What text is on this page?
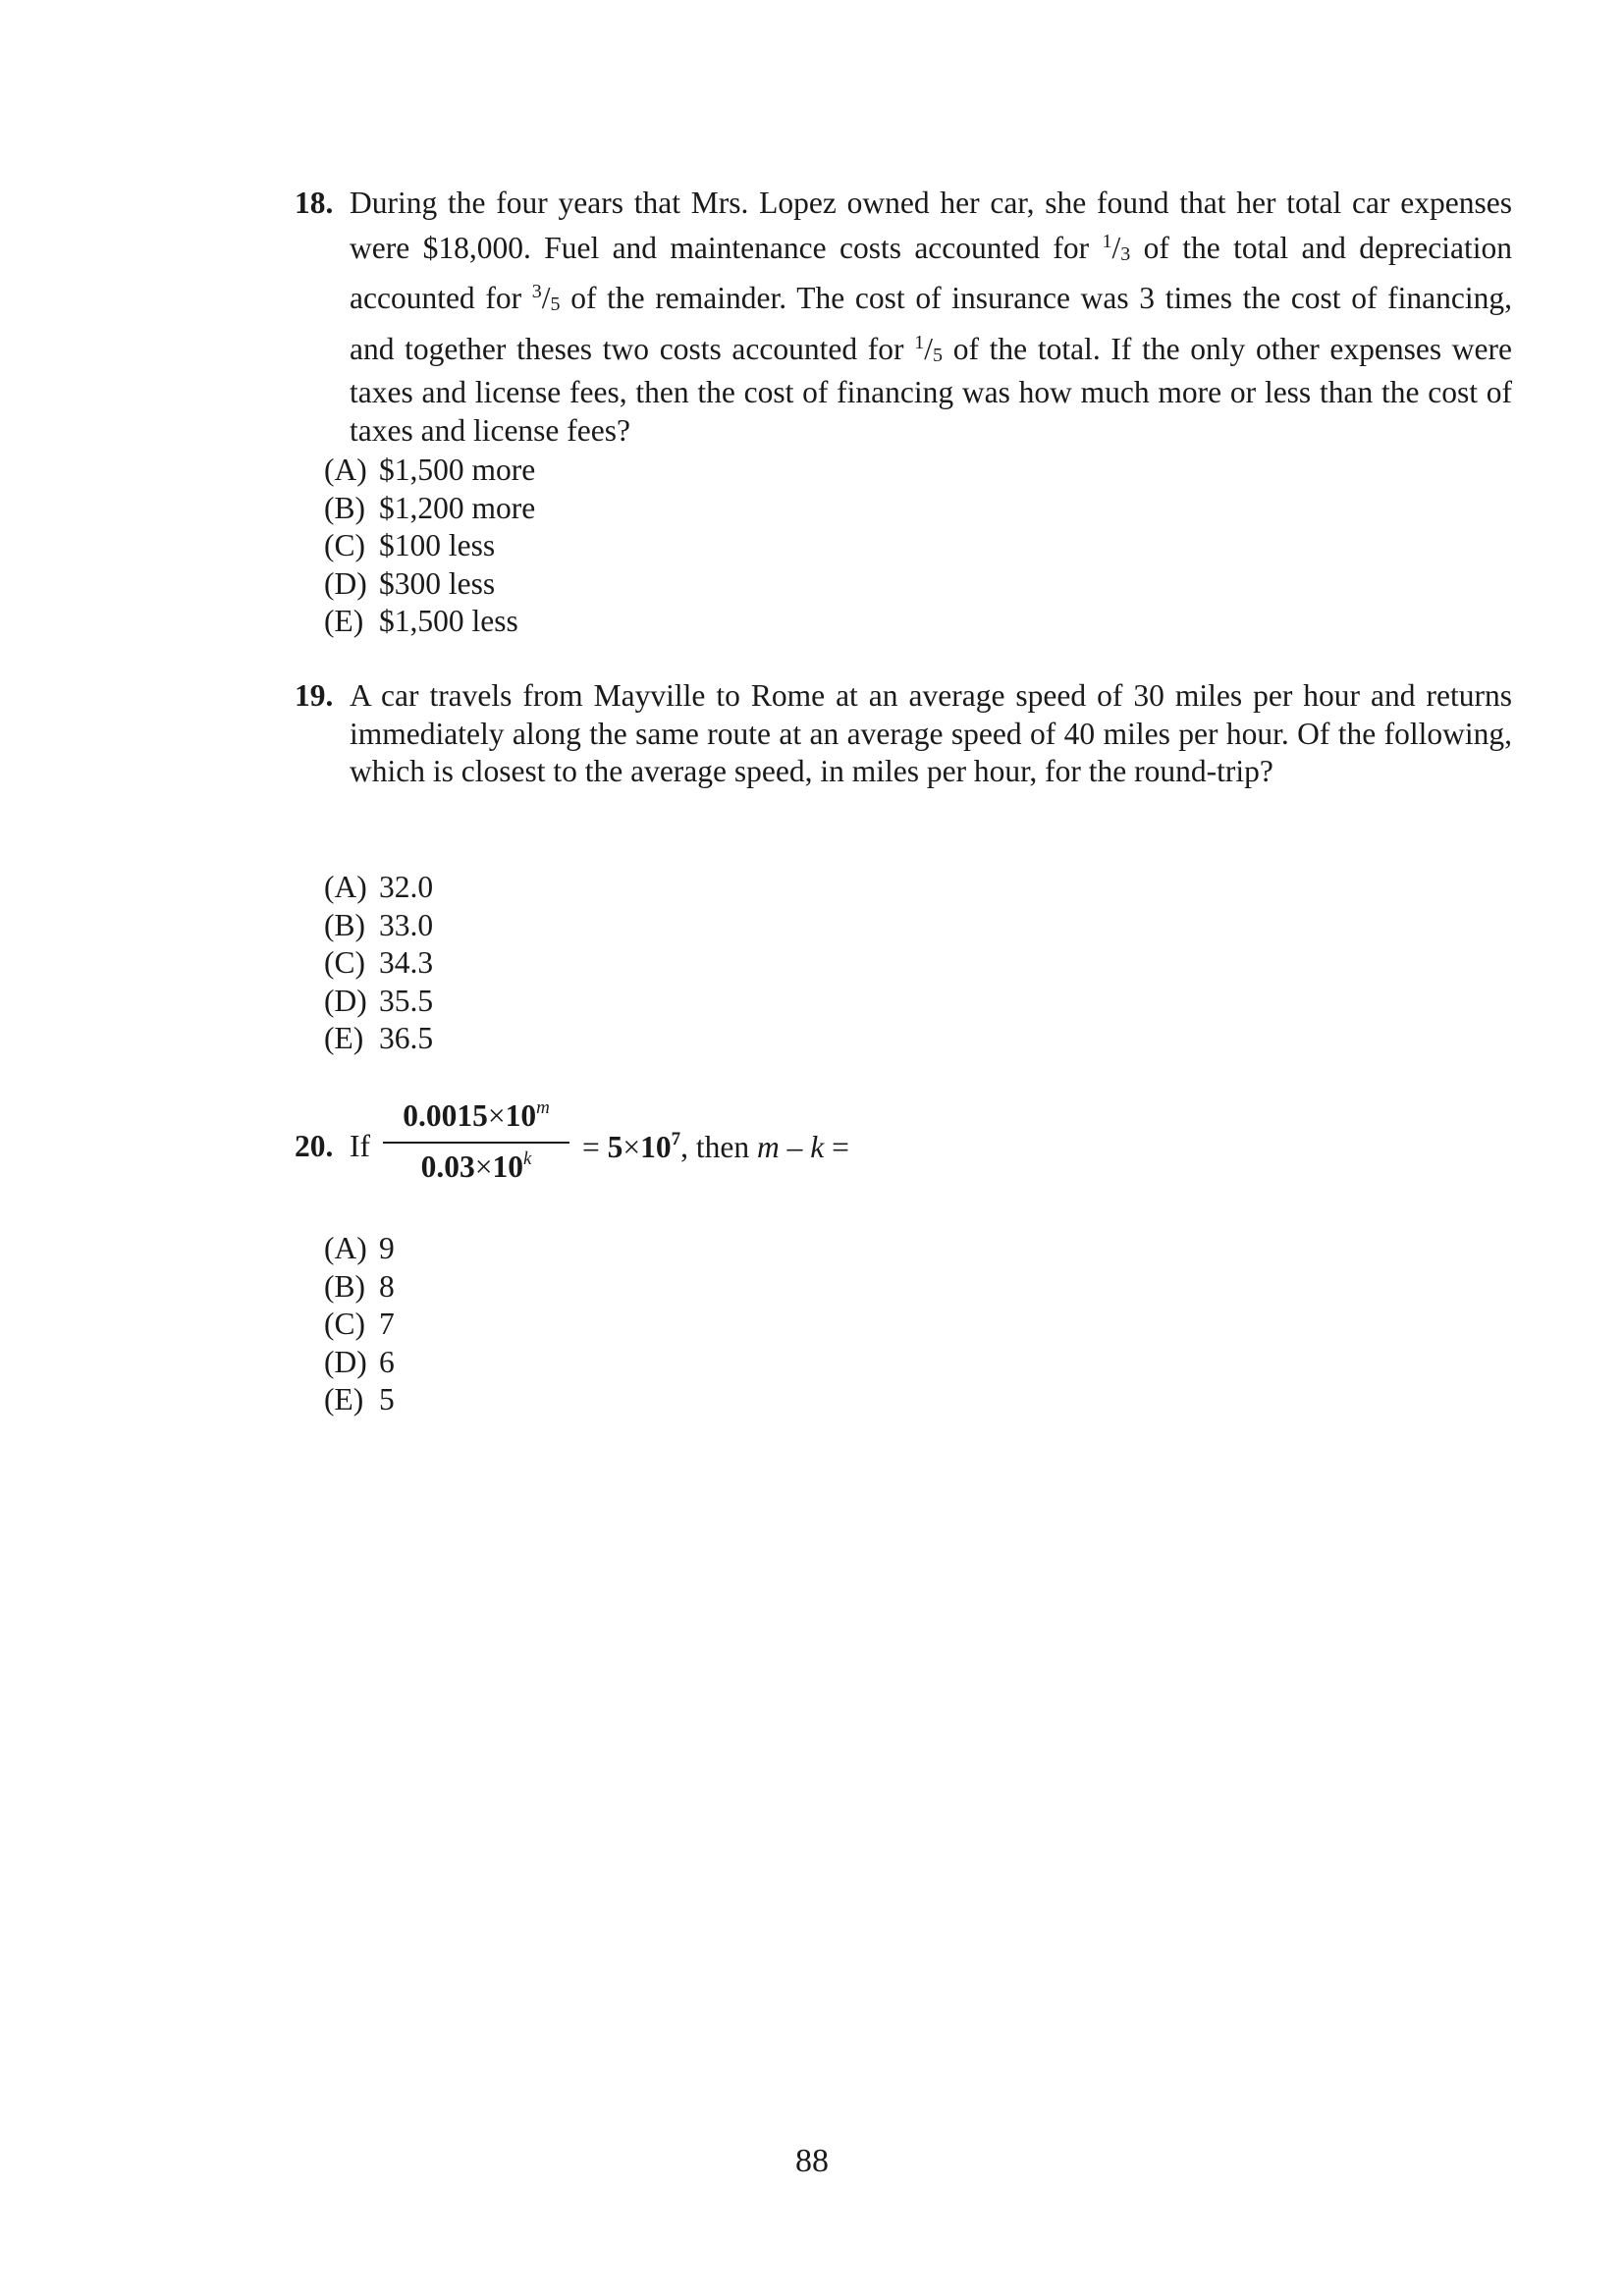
18. During the four years that Mrs. Lopez owned her car, she found that her total car expenses were $18,000. Fuel and maintenance costs accounted for $^1/_3$ of the total and depreciation accounted for $^3/_5$ of the remainder. The cost of insurance was 3 times the cost of financing, and together theses two costs accounted for $^1/_5$ of the total. If the only other expenses were taxes and license fees, then the cost of financing was how much more or less than the cost of taxes and license fees?
(A) $1,500 more
(B) $1,200 more
(C) $100 less
(D) $300 less
(E) $1,500 less
19. A car travels from Mayville to Rome at an average speed of 30 miles per hour and returns immediately along the same route at an average speed of 40 miles per hour. Of the following, which is closest to the average speed, in miles per hour, for the round-trip?
(A) 32.0
(B) 33.0
(C) 34.3
(D) 35.5
(E) 36.5
20. If
$0.0015\times 10^m$
$0.03\times 10^k$	= $5\times 10^7$, then m – k =
(A) 9
(B) 8
(C) 7
(D) 6
(E) 5
88
